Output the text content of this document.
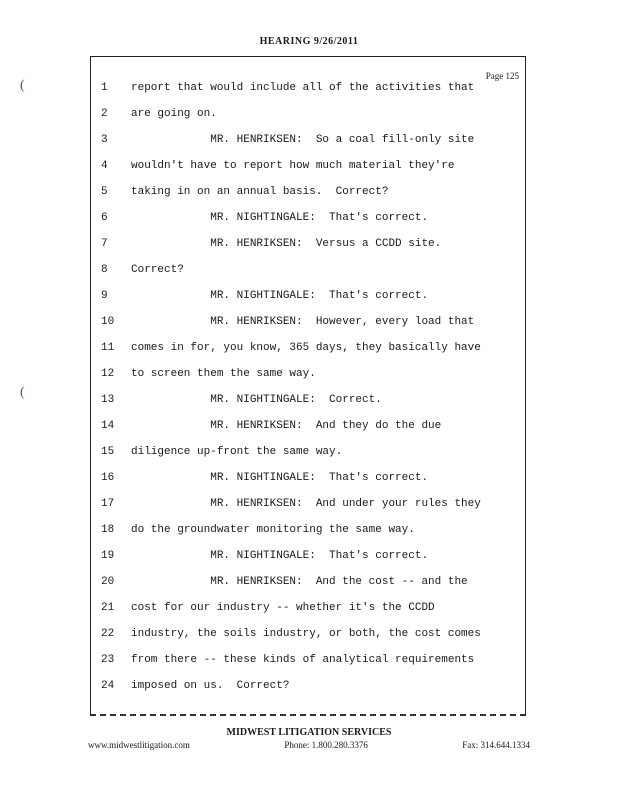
HEARING 9/26/2011
Page 125
1	report that would include all of the activities that
2	are going on.
3	MR. HENRIKSEN:  So a coal fill-only site
4	wouldn't have to report how much material they're
5	taking in on an annual basis.  Correct?
6	MR. NIGHTINGALE:  That's correct.
7	MR. HENRIKSEN:  Versus a CCDD site.
8	Correct?
9	MR. NIGHTINGALE:  That's correct.
10	MR. HENRIKSEN:  However, every load that
11	comes in for, you know, 365 days, they basically have
12	to screen them the same way.
13	MR. NIGHTINGALE:  Correct.
14	MR. HENRIKSEN:  And they do the due
15	diligence up-front the same way.
16	MR. NIGHTINGALE:  That's correct.
17	MR. HENRIKSEN:  And under your rules they
18	do the groundwater monitoring the same way.
19	MR. NIGHTINGALE:  That's correct.
20	MR. HENRIKSEN:  And the cost -- and the
21	cost for our industry -- whether it's the CCDD
22	industry, the soils industry, or both, the cost comes
23	from there -- these kinds of analytical requirements
24	imposed on us.  Correct?
(
(
MIDWEST LITIGATION SERVICES
www.midwestlitigation.com	Phone: 1.800.280.3376	Fax: 314.644.1334
